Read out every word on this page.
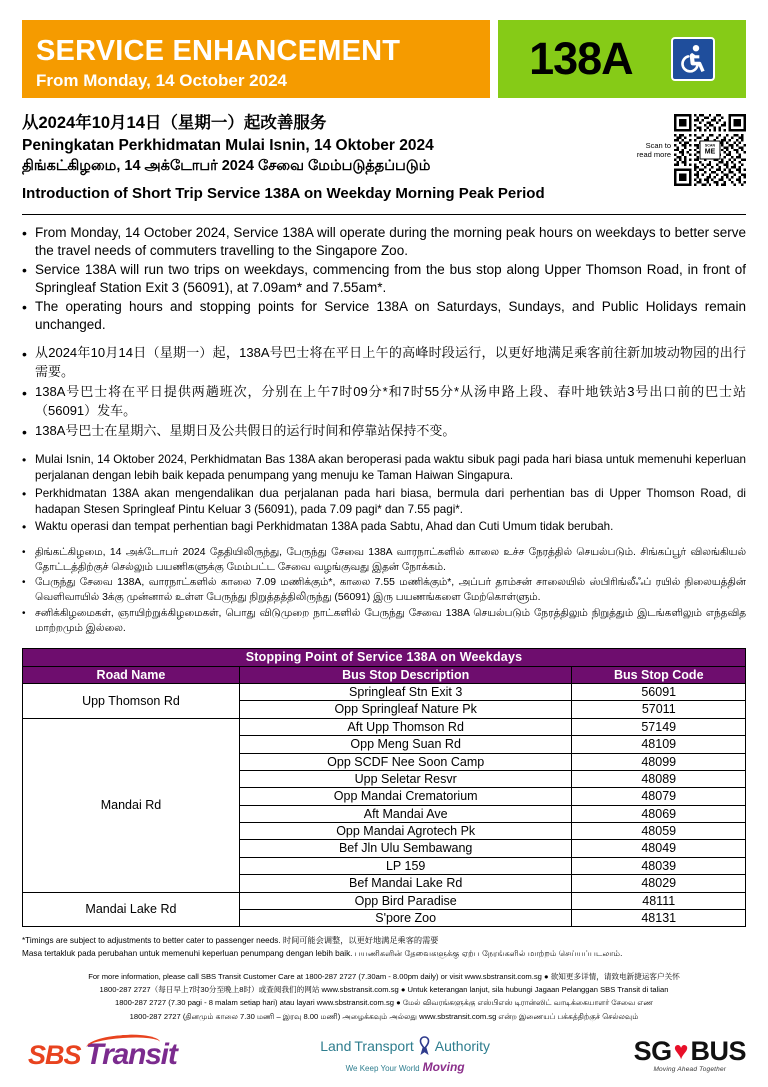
SERVICE ENHANCEMENT
From Monday, 14 October 2024	138A
从2024年10月14日（星期一）起改善服务
Peningkatan Perkhidmatan Mulai Isnin, 14 Oktober 2024
திங்கட்கிழமை, 14 அக்டோபர் 2024 சேவை மேம்படுத்தப்படும்
Introduction of Short Trip Service 138A on Weekday Morning Peak Period
Scan to
read more
SCAN
ME
• From Monday, 14 October 2024, Service 138A will operate during the morning peak hours on weekdays to better serve the travel needs of commuters travelling to the Singapore Zoo.
• Service 138A will run two trips on weekdays, commencing from the bus stop along Upper Thomson Road, in front of Springleaf Station Exit 3 (56091), at 7.09am* and 7.55am*.
• The operating hours and stopping points for Service 138A on Saturdays, Sundays, and Public Holidays remain unchanged.
• 从2024年10月14日（星期一）起，138A号巴士将在平日上午的高峰时段运行，以更好地满足乘客前往新加坡动物园的出行需要。
• 138A号巴士将在平日提供两趟班次，分别在上午7时09分*和7时55分*从汤申路上段、春叶地铁站3号出口前的巴士站（56091）发车。
• 138A号巴士在星期六、星期日及公共假日的运行时间和停靠站保持不变。
• Mulai Isnin, 14 Oktober 2024, Perkhidmatan Bas 138A akan beroperasi pada waktu sibuk pagi pada hari biasa untuk memenuhi keperluan perjalanan dengan lebih baik kepada penumpang yang menuju ke Taman Haiwan Singapura.
• Perkhidmatan 138A akan mengendalikan dua perjalanan pada hari biasa, bermula dari perhentian bas di Upper Thomson Road, di hadapan Stesen Springleaf Pintu Keluar 3 (56091), pada 7.09 pagi* dan 7.55 pagi*.
• Waktu operasi dan tempat perhentian bagi Perkhidmatan 138A pada Sabtu, Ahad dan Cuti Umum tidak berubah.
• திங்கட்கிழமை, 14 அக்டோபர் 2024 தேதியிலிருந்து, பேருந்து சேவை 138A வாரநாட்களில் காலை உச்ச நேரத்தில் செயல்படும். சிங்கப்பூர் விலங்கியல் தோட்டத்திற்குச் செல்லும் பயணிகளுக்கு மேம்பட்ட சேவை வழங்குவது இதன் நோக்கம்.
• பேருந்து சேவை 138A, வாரநாட்களில் காலை 7.09 மணிக்கும்*, காலை 7.55 மணிக்கும்*, அப்பர் தாம்சன் சாலையில் ஸ்பிரிங்லீஃப் ரயில் நிலையத்தின் வெளிவாயில் 3க்கு முன்னால் உள்ள பேருந்து நிறுத்தத்திலிருந்து (56091) இரு பயணங்களை மேற்கொள்ளும்.
• சனிக்கிழமைகள், ஞாயிற்றுக்கிழமைகள், பொது விடுமுறை நாட்களில் பேருந்து சேவை 138A செயல்படும் நேரத்திலும் நிறுத்தும் இடங்களிலும் எந்தவித மாற்றமும் இல்லை.
Stopping Point of Service 138A on Weekdays		
Road Name	Bus Stop Description	Bus Stop Code
Upp Thomson Rd	Springleaf Stn Exit 3	56091
	Opp Springleaf Nature Pk	57011
Mandai Rd	Aft Upp Thomson Rd	57149
	Opp Meng Suan Rd	48109
	Opp SCDF Nee Soon Camp	48099
	Upp Seletar Resvr	48089
	Opp Mandai Crematorium	48079
	Aft Mandai Ave	48069
	Opp Mandai Agrotech Pk	48059
	Bef Jln Ulu Sembawang	48049
	LP 159	48039
	Bef Mandai Lake Rd	48029
Mandai Lake Rd	Opp Bird Paradise	48111
	S'pore Zoo	48131
*Timings are subject to adjustments to better cater to passenger needs. 时间可能会调整，以更好地满足乘客的需要
Masa tertakluk pada perubahan untuk memenuhi keperluan penumpang dengan lebih baik. பயணிகளின் தேவைகளுக்கு ஏற்ப நேரங்களில் மாற்றம் செய்யப்படலாம்.
For more information, please call SBS Transit Customer Care at 1800-287 2727 (7.30am - 8.00pm daily) or visit www.sbstransit.com.sg ● 欲知更多详情，请致电新捷运客户关怀
1800-287 2727（每日早上7时30分至晚上8时）或查阅我们的网站 www.sbstransit.com.sg ● Untuk keterangan lanjut, sila hubungi Jagaan Pelanggan SBS Transit di talian
1800-287 2727 (7.30 pagi - 8 malam setiap hari) atau layari www.sbstransit.com.sg ● மேல் விவரங்களுக்கு எஸ்பிஎஸ் டிரான்ஸிட் வாடிக்கையாளர் சேவை எண
1800-287 2727 (தினமும் காலை 7.30 மணி – இரவு 8.00 மணி) அழைக்கவும் அல்லது www.sbstransit.com.sg என்ற இணையப் பக்கத்திற்குச் செல்லவும்
SBS Transit	Land Transport Authority
We Keep Your World Moving
SG ♥ BUS
Moving Ahead Together
